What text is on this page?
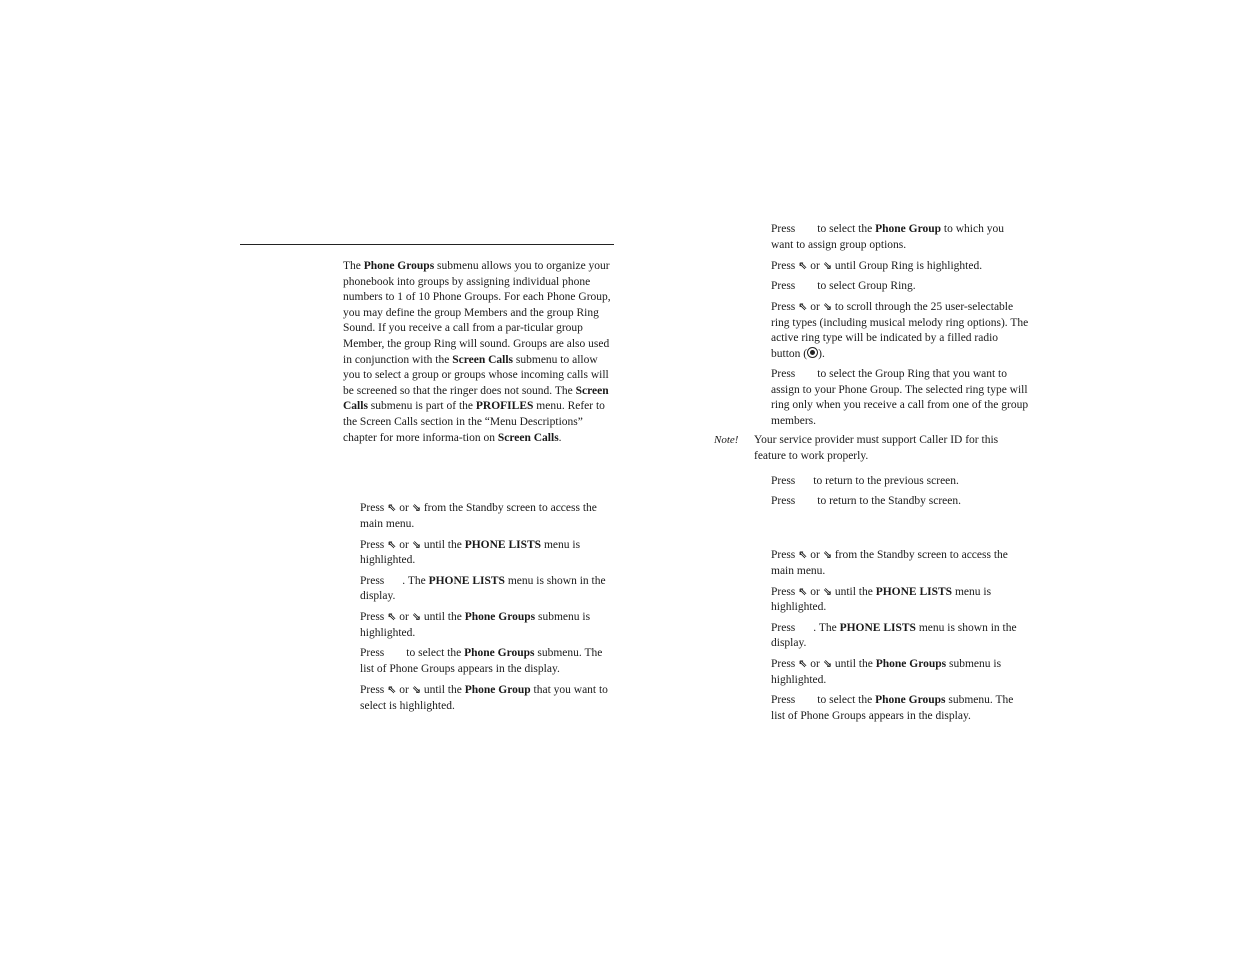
The Phone Groups submenu allows you to organize your phonebook into groups by assigning individual phone numbers to 1 of 10 Phone Groups. For each Phone Group, you may define the group Members and the group Ring Sound. If you receive a call from a par-ticular group Member, the group Ring will sound. Groups are also used in conjunction with the Screen Calls submenu to allow you to select a group or groups whose incoming calls will be screened so that the ringer does not sound. The Screen Calls submenu is part of the PROFILES menu. Refer to the Screen Calls section in the “Menu Descriptions” chapter for more informa-tion on Screen Calls.

Press ⇖ or ⇘ from the Standby screen to access the main menu.

Press ⇖ or ⇘ until the PHONE LISTS menu is highlighted.

Press . The PHONE LISTS menu is shown in the display.

Press ⇖ or ⇘ until the Phone Groups submenu is highlighted.

Press to select the Phone Groups submenu. The list of Phone Groups appears in the display.

Press ⇖ or ⇘ until the Phone Group that you want to select is highlighted.

Press to select the Phone Group to which you want to assign group options.

Press ⇖ or ⇘ until Group Ring is highlighted.

Press to select Group Ring.

Press ⇖ or ⇘ to scroll through the 25 user-selectable ring types (including musical melody ring options). The active ring type will be indicated by a filled radio button ( ).

Press to select the Group Ring that you want to assign to your Phone Group. The selected ring type will ring only when you receive a call from one of the group members.

Note! Your service provider must support Caller ID for this feature to work properly.

Press to return to the previous screen.

Press to return to the Standby screen.

Press ⇖ or ⇘ from the Standby screen to access the main menu.

Press ⇖ or ⇘ until the PHONE LISTS menu is highlighted.

Press . The PHONE LISTS menu is shown in the display.

Press ⇖ or ⇘ until the Phone Groups submenu is highlighted.

Press to select the Phone Groups submenu. The list of Phone Groups appears in the display.
